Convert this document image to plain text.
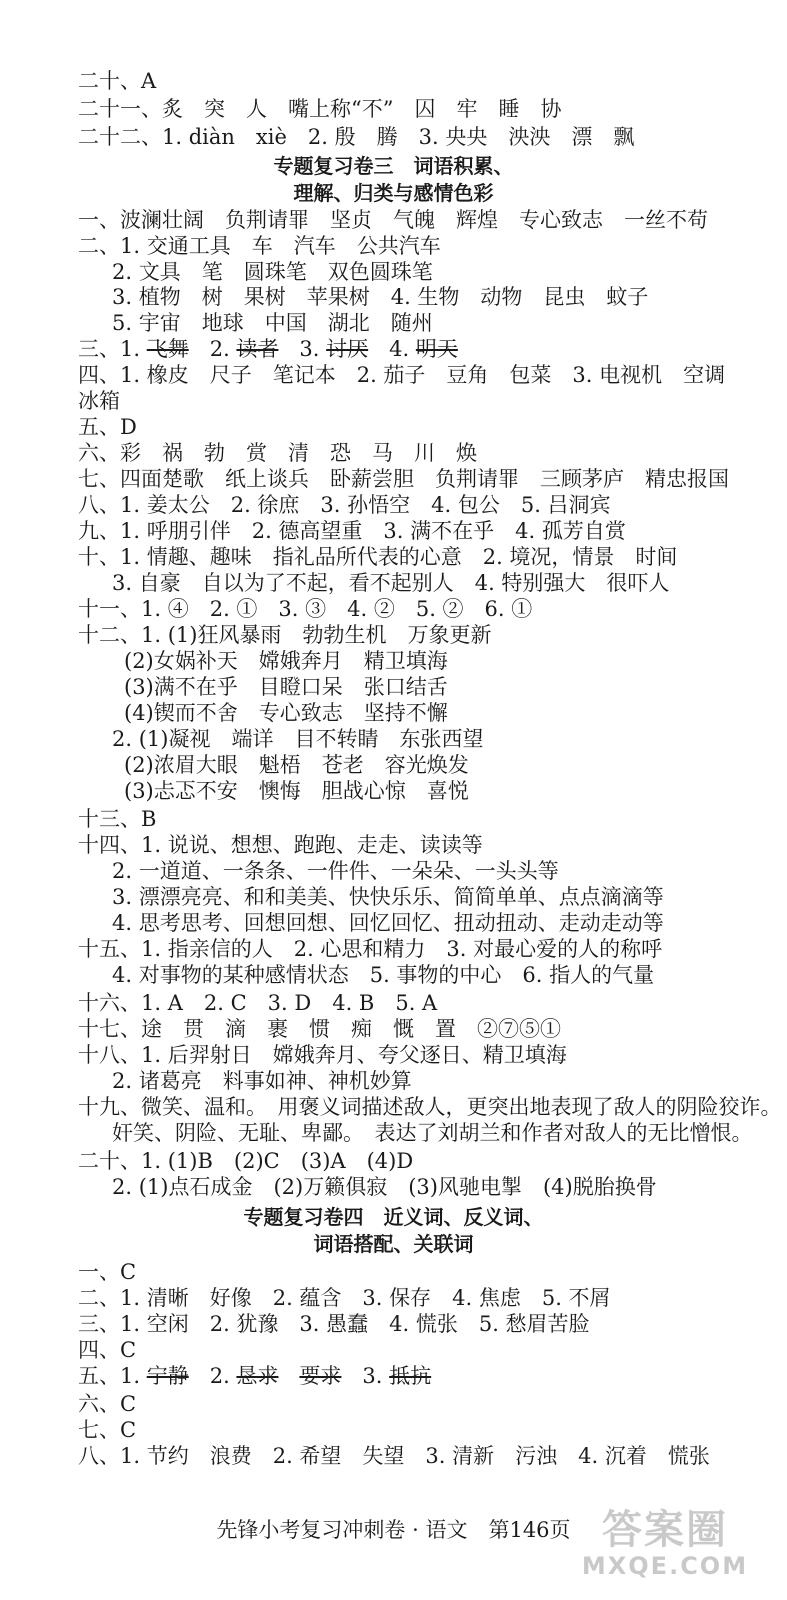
二十、A
二十一、炙　突　人　嘴上称“不”　囚　牢　睡　协
二十二、1. diàn　xiè　2. 殷　腾　3. 央央　泱泱　漂　飘
专题复习卷三　词语积累、
理解、归类与感情色彩
一、波澜壮阔　负荆请罪　坚贞　气魄　辉煌　专心致志　一丝不苟
二、1. 交通工具　车　汽车　公共汽车
2. 文具　笔　圆珠笔　双色圆珠笔
3. 植物　树　果树　苹果树　4. 生物　动物　昆虫　蚊子
5. 宇宙　地球　中国　湖北　随州
三、1. 飞舞　2. 读者　3. 讨厌　4. 明天
四、1. 橡皮　尺子　笔记本　2. 茄子　豆角　包菜　3. 电视机　空调
冰箱
五、D
六、彩　祸　勃　赏　清　恐　马　川　焕
七、四面楚歌　纸上谈兵　卧薪尝胆　负荆请罪　三顾茅庐　精忠报国
八、1. 姜太公　2. 徐庶　3. 孙悟空　4. 包公　5. 吕洞宾
九、1. 呼朋引伴　2. 德高望重　3. 满不在乎　4. 孤芳自赏
十、1. 情趣、趣味　指礼品所代表的心意　2. 境况，情景　时间
3. 自豪　自以为了不起，看不起别人　4. 特别强大　很吓人
十一、1. ④　2. ①　3. ③　4. ②　5. ②　6. ①
十二、1. (1)狂风暴雨　勃勃生机　万象更新
(2)女娲补天　嫦娥奔月　精卫填海
(3)满不在乎　目瞪口呆　张口结舌
(4)锲而不舍　专心致志　坚持不懈
2. (1)凝视　端详　目不转睛　东张西望
(2)浓眉大眼　魁梧　苍老　容光焕发
(3)忐忑不安　懊悔　胆战心惊　喜悦
十三、B
十四、1. 说说、想想、跑跑、走走、读读等
2. 一道道、一条条、一件件、一朵朵、一头头等
3. 漂漂亮亮、和和美美、快快乐乐、简简单单、点点滴滴等
4. 思考思考、回想回想、回忆回忆、扭动扭动、走动走动等
十五、1. 指亲信的人　2. 心思和精力　3. 对最心爱的人的称呼
4. 对事物的某种感情状态　5. 事物的中心　6. 指人的气量
十六、1. A　2. C　3. D　4. B　5. A
十七、途　贯　滴　裹　惯　痴　慨　置　②⑦⑤①
十八、1. 后羿射日　嫦娥奔月、夸父逐日、精卫填海
2. 诸葛亮　料事如神、神机妙算
十九、微笑、温和。　用褒义词描述敌人，更突出地表现了敌人的阴险狡诈。
奸笑、阴险、无耻、卑鄙。　表达了刘胡兰和作者对敌人的无比憎恨。
二十、1. (1)B　(2)C　(3)A　(4)D
2. (1)点石成金　(2)万籁俱寂　(3)风驰电掣　(4)脱胎换骨
专题复习卷四　近义词、反义词、
词语搭配、关联词
一、C
二、1. 清晰　好像　2. 蕴含　3. 保存　4. 焦虑　5. 不屑
三、1. 空闲　2. 犹豫　3. 愚蠢　4. 慌张　5. 愁眉苦脸
四、C
五、1. 宁静　2. 恳求　 要求　3. 抵抗
六、C
七、C
八、1. 节约　浪费　2. 希望　失望　3. 清新　污浊　4. 沉着　慌张
先锋小考复习冲刺卷 · 语文　第146页 答案圈
MXQE.COM
